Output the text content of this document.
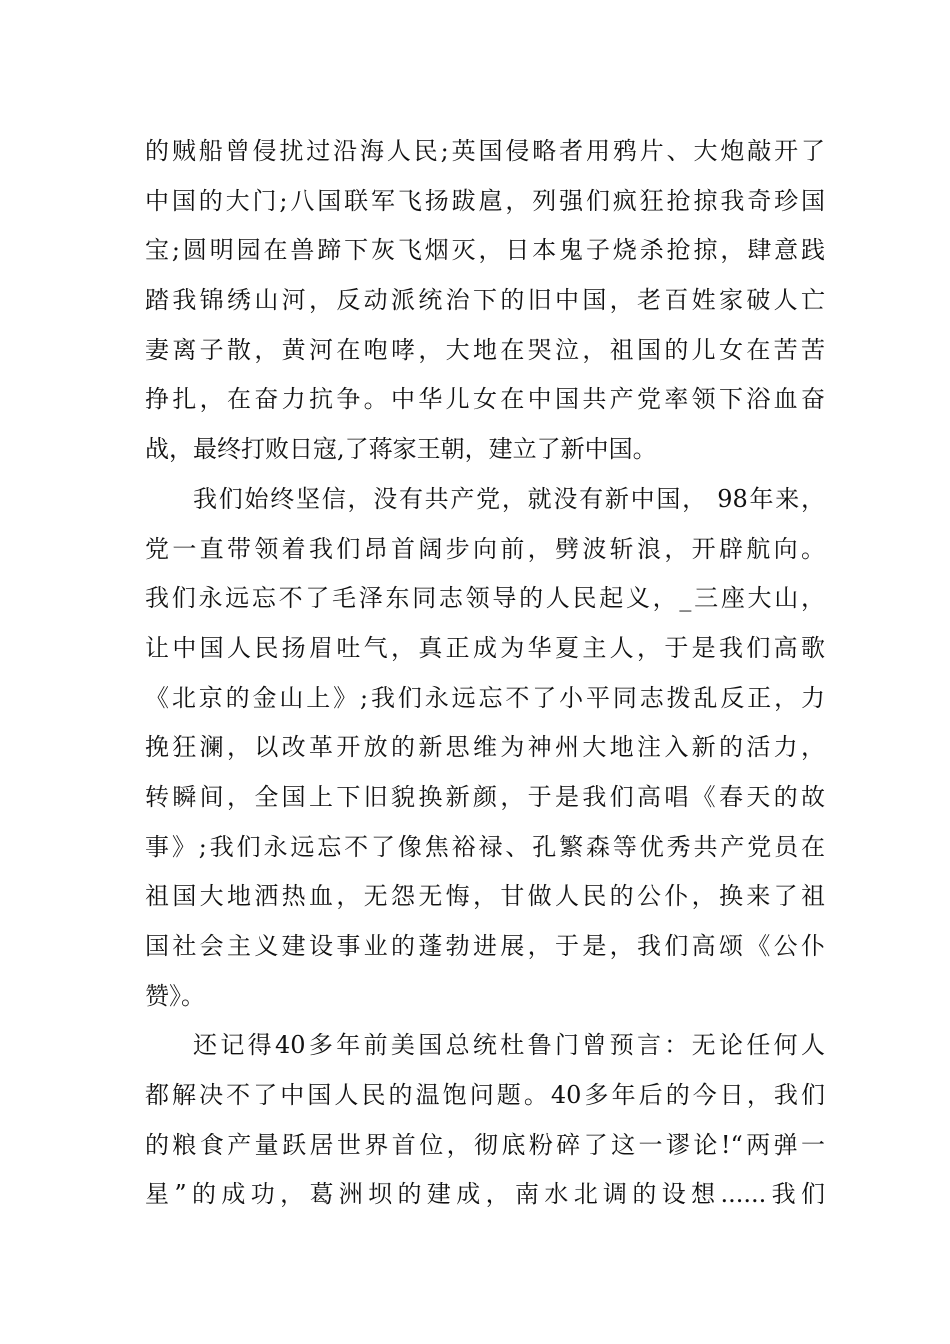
的贼船曾侵扰过沿海人民;英国侵略者用鸦片、大炮敲开了
中国的大门;八国联军飞扬跋扈，列强们疯狂抢掠我奇珍国
宝;圆明园在兽蹄下灰飞烟灭，日本鬼子烧杀抢掠，肆意践
踏我锦绣山河，反动派统治下的旧中国，老百姓家破人亡
妻离子散，黄河在咆哮，大地在哭泣，祖国的儿女在苦苦
挣扎，在奋力抗争。中华儿女在中国共产党率领下浴血奋
战，最终打败日寇,了蒋家王朝，建立了新中国。
我们始终坚信，没有共产党，就没有新中国， 98年来，
党一直带领着我们昂首阔步向前，劈波斩浪，开辟航向。
我们永远忘不了毛泽东同志领导的人民起义，_三座大山，
让中国人民扬眉吐气，真正成为华夏主人，于是我们高歌
《北京的金山上》;我们永远忘不了小平同志拨乱反正，力
挽狂澜，以改革开放的新思维为神州大地注入新的活力，
转瞬间，全国上下旧貌换新颜，于是我们高唱《春天的故
事》;我们永远忘不了像焦裕禄、孔繁森等优秀共产党员在
祖国大地洒热血，无怨无悔，甘做人民的公仆，换来了祖
国社会主义建设事业的蓬勃进展，于是，我们高颂《公仆
赞》。
还记得40多年前美国总统杜鲁门曾预言：无论任何人
都解决不了中国人民的温饱问题。40多年后的今日，我们
的粮食产量跃居世界首位，彻底粉碎了这一谬论!“两弹一
星”的成功，葛洲坝的建成，南水北调的设想......我们
